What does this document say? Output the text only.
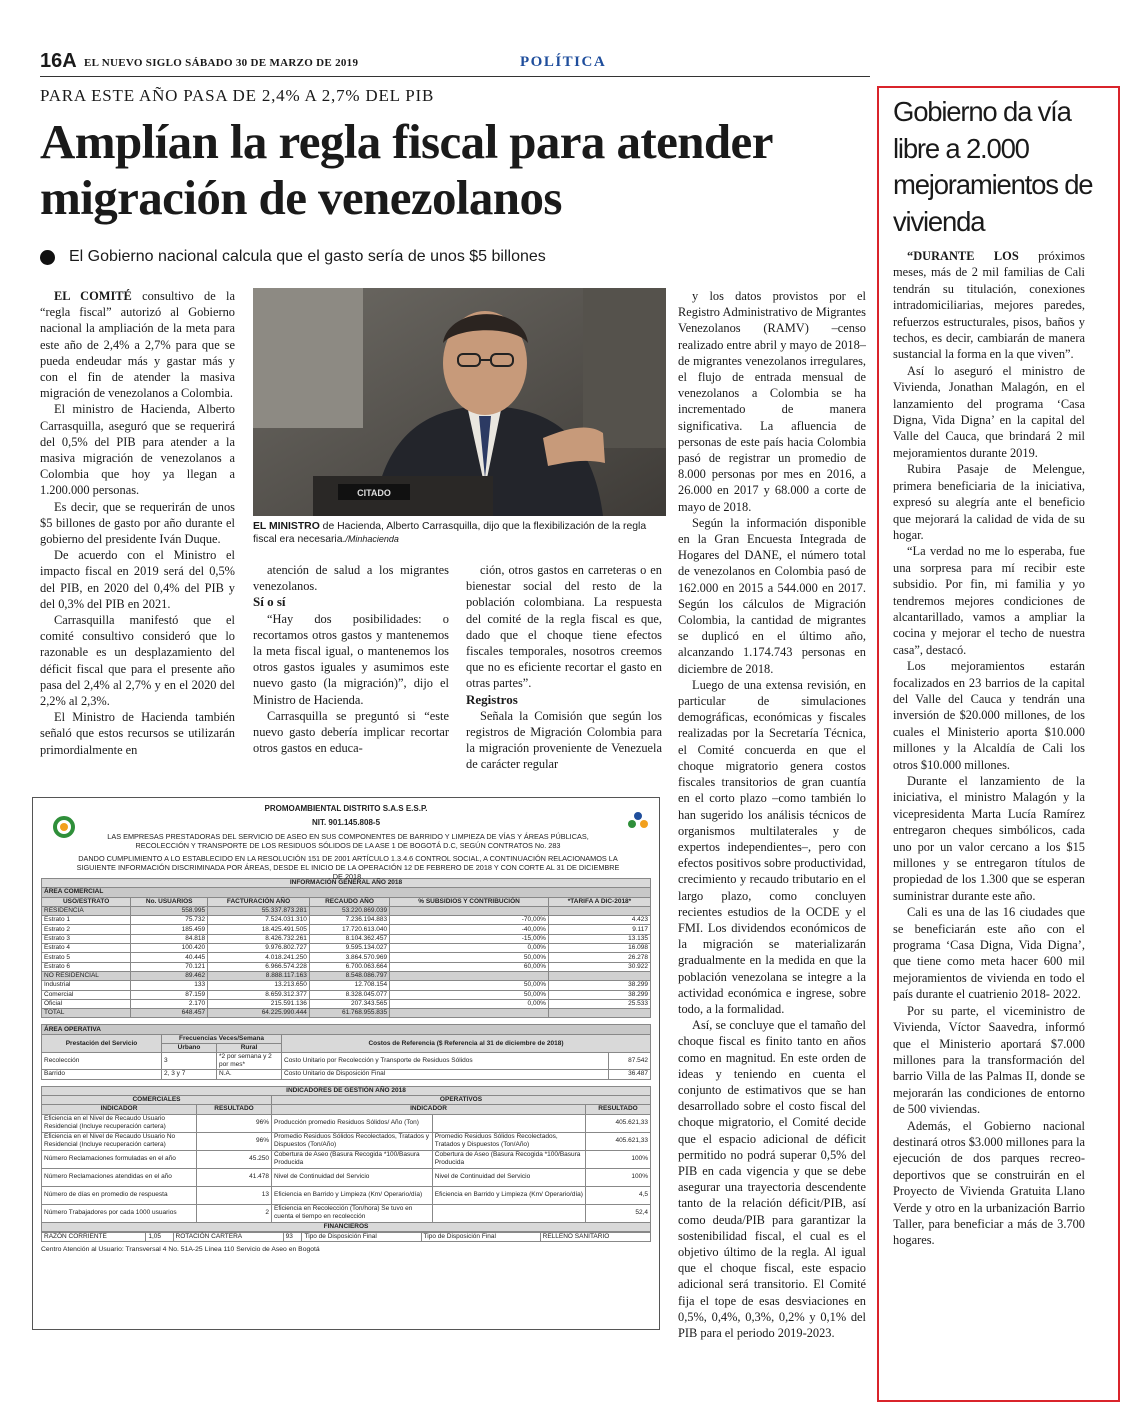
16A EL NUEVO SIGLO SÁBADO 30 DE MARZO DE 2019	POLÍTICA
PARA ESTE AÑO PASA DE 2,4% A 2,7% DEL PIB
Amplían la regla fiscal para atender migración de venezolanos
El Gobierno nacional calcula que el gasto sería de unos $5 billones

EL COMITÉ consultivo de la “regla fiscal” autorizó al Gobierno nacional la ampliación de la meta para este año de 2,4% a 2,7% para que se pueda endeudar más y gastar más y con el fin de atender la masiva migración de venezolanos a Colombia.

El ministro de Hacienda, Alberto Carrasquilla, aseguró que se requerirá del 0,5% del PIB para atender a la masiva migración de venezolanos a Colombia que hoy ya llegan a 1.200.000 personas.

Es decir, que se requerirán de unos $5 billones de gasto por año durante el gobierno del presidente Iván Duque.

De acuerdo con el Ministro el impacto fiscal en 2019 será del 0,5% del PIB, en 2020 del 0,4% del PIB y del 0,3% del PIB en 2021.

Carrasquilla manifestó que el comité consultivo consideró que lo razonable es un desplazamiento del déficit fiscal que para el presente año pasa del 2,4% al 2,7% y en el 2020 del 2,2% al 2,3%.

El Ministro de Hacienda también señaló que estos recursos se utilizarán primordialmente en

CITADO
EL MINISTRO de Hacienda, Alberto Carrasquilla, dijo que la flexibilización de la regla fiscal era necesaria./Minhacienda

atención de salud a los migrantes venezolanos.

Sí o sí

“Hay dos posibilidades: o recortamos otros gastos y mantenemos la meta fiscal igual, o mantenemos los otros gastos iguales y asumimos este nuevo gasto (la migración)”, dijo el Ministro de Hacienda.

Carrasquilla se preguntó si “este nuevo gasto debería implicar recortar otros gastos en educa-

ción, otros gastos en carreteras o en bienestar social del resto de la población colombiana. La respuesta del comité de la regla fiscal es que, dado que el choque tiene efectos fiscales temporales, nosotros creemos que no es eficiente recortar el gasto en otras partes”.

Registros

Señala la Comisión que según los registros de Migración Colombia para la migración proveniente de Venezuela de carácter regular

y los datos provistos por el Registro Administrativo de Migrantes Venezolanos (RAMV) –censo realizado entre abril y mayo de 2018– de migrantes venezolanos irregulares, el flujo de entrada mensual de venezolanos a Colombia se ha incrementado de manera significativa. La afluencia de personas de este país hacia Colombia pasó de registrar un promedio de 8.000 personas por mes en 2016, a 26.000 en 2017 y 68.000 a corte de mayo de 2018.

Según la información disponible en la Gran Encuesta Integrada de Hogares del DANE, el número total de venezolanos en Colombia pasó de 162.000 en 2015 a 544.000 en 2017. Según los cálculos de Migración Colombia, la cantidad de migrantes se duplicó en el último año, alcanzando 1.174.743 personas en diciembre de 2018.

Luego de una extensa revisión, en particular de simulaciones demográficas, económicas y fiscales realizadas por la Secretaría Técnica, el Comité concuerda en que el choque migratorio genera costos fiscales transitorios de gran cuantía en el corto plazo –como también lo han sugerido los análisis técnicos de organismos multilaterales y de expertos independientes–, pero con efectos positivos sobre productividad, crecimiento y recaudo tributario en el largo plazo, como concluyen recientes estudios de la OCDE y el FMI. Los dividendos económicos de la migración se materializarán gradualmente en la medida en que la población venezolana se integre a la actividad económica e ingrese, sobre todo, a la formalidad.

Así, se concluye que el tamaño del choque fiscal es finito tanto en años como en magnitud. En este orden de ideas y teniendo en cuenta el conjunto de estimativos que se han desarrollado sobre el costo fiscal del choque migratorio, el Comité decide que el espacio adicional de déficit permitido no podrá superar 0,5% del PIB en cada vigencia y que se debe asegurar una trayectoria descendente tanto de la relación déficit/PIB, así como deuda/PIB para garantizar la sostenibilidad fiscal, el cual es el objetivo último de la regla. Al igual que el choque fiscal, este espacio adicional será transitorio. El Comité fija el tope de esas desviaciones en 0,5%, 0,4%, 0,3%, 0,2% y 0,1% del PIB para el periodo 2019-2023.

PROMOAMBIENTAL DISTRITO S.A.S E.S.P.
NIT. 901.145.808-5
LAS EMPRESAS PRESTADORAS DEL SERVICIO DE ASEO EN SUS COMPONENTES DE BARRIDO Y LIMPIEZA DE VÍAS Y ÁREAS PÚBLICAS, RECOLECCIÓN Y TRANSPORTE DE LOS RESIDUOS SÓLIDOS DE LA ASE 1 DE BOGOTÁ D.C, SEGÚN CONTRATOS No. 283
DANDO CUMPLIMIENTO A LO ESTABLECIDO EN LA RESOLUCIÓN 151 DE 2001 ARTÍCULO 1.3.4.6 CONTROL SOCIAL, A CONTINUACIÓN RELACIONAMOS LA SIGUIENTE INFORMACIÓN DISCRIMINADA POR ÁREAS, DESDE EL INICIO DE LA OPERACIÓN 12 DE FEBRERO DE 2018 Y CON CORTE AL 31 DE DICIEMBRE DE 2018.
INFORMACIÓN GENERAL AÑO 2018					
ÁREA COMERCIAL					
USO/ESTRATO	No. USUARIOS	FACTURACIÓN AÑO	RECAUDO AÑO	% SUBSIDIOS Y CONTRIBUCIÓN	*TARIFA A DIC-2018*
RESIDENCIA	558.995	55.337.873.281	53.220.869.039		
Estrato 1	75.732	7.524.031.310	7.236.194.883	-70,00%	4.423
Estrato 2	185.459	18.425.491.505	17.720.613.040	-40,00%	9.117
Estrato 3	84.818	8.426.732.261	8.104.362.457	-15,00%	13.135
Estrato 4	100.420	9.976.802.727	9.595.134.027	0,00%	16.098
Estrato 5	40.445	4.018.241.250	3.864.570.969	50,00%	26.278
Estrato 6	70.121	6.966.574.228	6.700.063.664	60,00%	30.922
NO RESIDENCIAL	89.462	8.888.117.163	8.548.086.797		
Industrial	133	13.213.650	12.708.154	50,00%	38.299
Comercial	87.159	8.659.312.377	8.328.045.077	50,00%	38.299
Oficial	2.170	215.591.136	207.343.565	0,00%	25.533
TOTAL	648.457	64.225.990.444	61.768.955.835		
ÁREA OPERATIVA				
Prestación del Servicio	Frecuencias Veces/Semana		Costos de Referencia ($ Referencia al 31 de diciembre de 2018)	
	Urbano	Rural		
Recolección	3	*2 por semana y 2 por mes*	Costo Unitario por Recolección y Transporte de Residuos Sólidos	87.542
Barrido	2, 3 y 7	N.A.	Costo Unitario de Disposición Final	36.487
INDICADORES DE GESTIÓN AÑO 2018				
COMERCIALES		OPERATIVOS		
INDICADOR	RESULTADO	INDICADOR		RESULTADO
Eficiencia en el Nivel de Recaudo Usuario Residencial (Incluye recuperación cartera)	96%	Producción promedio Residuos Sólidos/ Año (Ton)		405.621,33
Eficiencia en el Nivel de Recaudo Usuario No Residencial (Incluye recuperación cartera)	96%	Promedio Residuos Sólidos Recolectados, Tratados y Dispuestos (Ton/Año)	Promedio Residuos Sólidos Recolectados, Tratados y Dispuestos (Ton/Año)	405.621,33
Número Reclamaciones formuladas en el año	45.250	Cobertura de Aseo (Basura Recogida *100/Basura Producida	Cobertura de Aseo (Basura Recogida *100/Basura Producida	100%
Número Reclamaciones atendidas en el año	41.478	Nivel de Continuidad del Servicio	Nivel de Continuidad del Servicio	100%
Número de días en promedio de respuesta	13	Eficiencia en Barrido y Limpieza (Km/ Operario/día)	Eficiencia en Barrido y Limpieza (Km/ Operario/día)	4,5
Número Trabajadores por cada 1000 usuarios	2	Eficiencia en Recolección (Ton/hora) Se tuvo en cuenta el tiempo en recolección		52,4
FINANCIEROS				
RAZÓN CORRIENTE	1,05	ROTACIÓN CARTERA	93	Tipo de Disposición Final	Tipo de Disposición Final	RELLENO SANITARIO
Centro Atención al Usuario: Transversal 4 No. 51A-25 Línea 110 Servicio de Aseo en Bogotá
Gobierno da vía libre a 2.000 mejoramientos de vivienda

“DURANTE LOS próximos meses, más de 2 mil familias de Cali tendrán su titulación, conexiones intradomiciliarias, mejores paredes, refuerzos estructurales, pisos, baños y techos, es decir, cambiarán de manera sustancial la forma en la que viven”.

Así lo aseguró el ministro de Vivienda, Jonathan Malagón, en el lanzamiento del programa ‘Casa Digna, Vida Digna’ en la capital del Valle del Cauca, que brindará 2 mil mejoramientos durante 2019.

Rubira Pasaje de Melengue, primera beneficiaria de la iniciativa, expresó su alegría ante el beneficio que mejorará la calidad de vida de su hogar.

“La verdad no me lo esperaba, fue una sorpresa para mí recibir este subsidio. Por fin, mi familia y yo tendremos mejores condiciones de alcantarillado, vamos a ampliar la cocina y mejorar el techo de nuestra casa”, destacó.

Los mejoramientos estarán focalizados en 23 barrios de la capital del Valle del Cauca y tendrán una inversión de $20.000 millones, de los cuales el Ministerio aporta $10.000 millones y la Alcaldía de Cali los otros $10.000 millones.

Durante el lanzamiento de la iniciativa, el ministro Malagón y la vicepresidenta Marta Lucía Ramírez entregaron cheques simbólicos, cada uno por un valor cercano a los $15 millones y se entregaron títulos de propiedad de los 1.300 que se esperan suministrar durante este año.

Cali es una de las 16 ciudades que se beneficiarán este año con el programa ‘Casa Digna, Vida Digna’, que tiene como meta hacer 600 mil mejoramientos de vivienda en todo el país durante el cuatrienio 2018- 2022.

Por su parte, el viceministro de Vivienda, Víctor Saavedra, informó que el Ministerio aportará $7.000 millones para la transformación del barrio Villa de las Palmas II, donde se mejorarán las condiciones de entorno de 500 viviendas.

Además, el Gobierno nacional destinará otros $3.000 millones para la ejecución de dos parques recreo-deportivos que se construirán en el Proyecto de Vivienda Gratuita Llano Verde y otro en la urbanización Barrio Taller, para beneficiar a más de 3.700 hogares.
